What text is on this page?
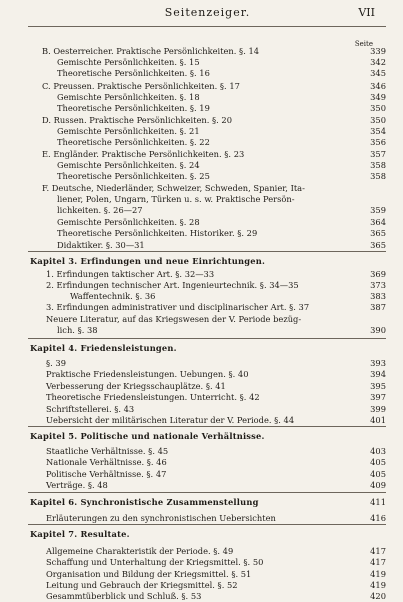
Seitenzeiger.	VII
Seite
B. Oesterreicher. Praktische Persönlichkeiten. §. 14	339
Gemischte Persönlichkeiten. §. 15	342
Theoretische Persönlichkeiten. §. 16	345
C. Preussen. Praktische Persönlichkeiten. §. 17	346
Gemischte Persönlichkeiten. §. 18	349
Theoretische Persönlichkeiten. §. 19	350
D. Russen. Praktische Persönlichkeiten. §. 20	350
Gemischte Persönlichkeiten. §. 21	354
Theoretische Persönlichkeiten. §. 22	356
E. Engländer. Praktische Persönlichkeiten. §. 23	357
Gemischte Persönlichkeiten. §. 24	358
Theoretische Persönlichkeiten. §. 25	358
F. Deutsche, Niederländer, Schweizer, Schweden, Spanier, Ita-
liener, Polen, Ungarn, Türken u. s. w. Praktische Persön-
lichkeiten. §. 26—27	359
Gemischte Persönlichkeiten. §. 28	364
Theoretische Persönlichkeiten. Historiker. §. 29	365
Didaktiker. §. 30—31	365
Kapitel 3. Erfindungen und neue Einrichtungen.
1. Erfindungen taktischer Art. §. 32—33	369
2. Erfindungen technischer Art. Ingenieurtechnik. §. 34—35	373
Waffentechnik. §. 36	383
3. Erfindungen administrativer und disciplinarischer Art. §. 37	387
Neuere Literatur, auf das Kriegswesen der V. Periode bezüg-
lich. §. 38	390
Kapitel 4. Friedensleistungen.
§. 39	393
Praktische Friedensleistungen. Uebungen. §. 40	394
Verbesserung der Kriegsschauplätze. §. 41	395
Theoretische Friedensleistungen. Unterricht. §. 42	397
Schriftstellerei. §. 43	399
Uebersicht der militärischen Literatur der V. Periode. §. 44	401
Kapitel 5. Politische und nationale Verhältnisse.
Staatliche Verhältnisse. §. 45	403
Nationale Verhältnisse. §. 46	405
Politische Verhältnisse. §. 47	405
Verträge. §. 48	409
Kapitel 6. Synchronistische Zusammenstellung	411
Erläuterungen zu den synchronistischen Uebersichten	416
Kapitel 7. Resultate.
Allgemeine Charakteristik der Periode. §. 49	417
Schaffung und Unterhaltung der Kriegsmittel. §. 50	417
Organisation und Bildung der Kriegsmittel. §. 51	419
Leitung und Gebrauch der Kriegsmittel. §. 52	419
Gesammtüberblick und Schluß. §. 53	420
